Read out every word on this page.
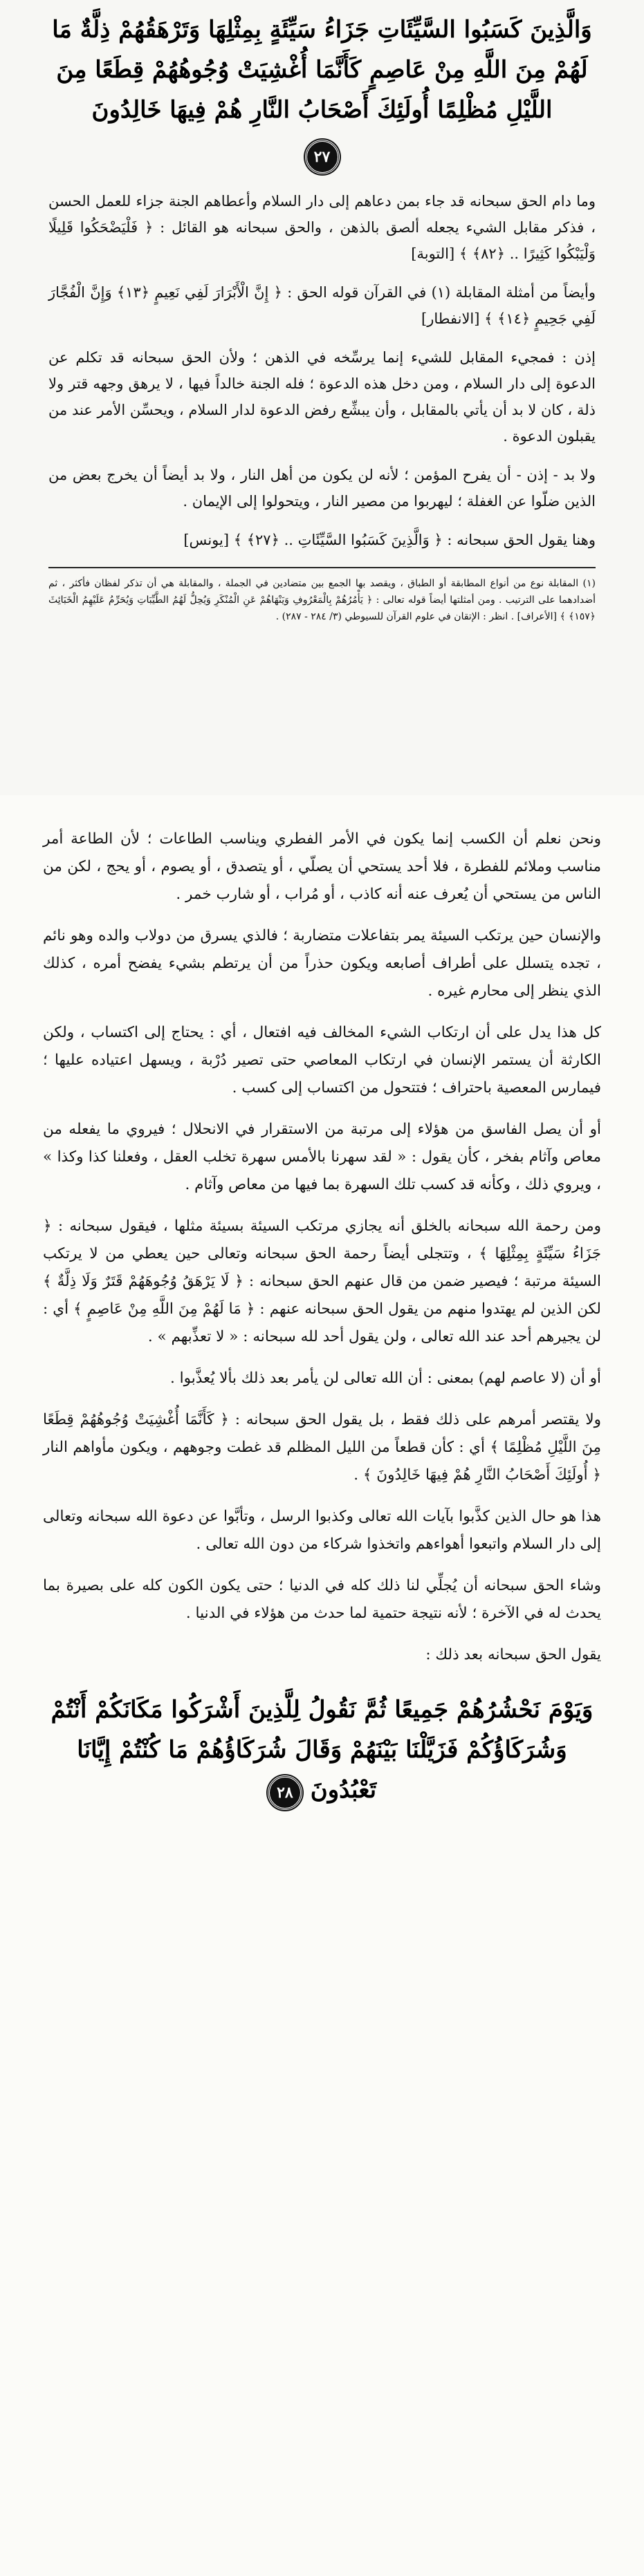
وَالَّذِينَ كَسَبُوا السَّيِّئَاتِ جَزَاءُ سَيِّئَةٍ بِمِثْلِهَا وَتَرْهَقُهُمْ ذِلَّةٌ مَا لَهُمْ مِنَ اللَّهِ مِنْ عَاصِمٍ كَأَنَّمَا أُغْشِيَتْ وُجُوهُهُمْ قِطَعًا مِنَ اللَّيْلِ مُظْلِمًا أُولَئِكَ أَصْحَابُ النَّارِ هُمْ فِيهَا خَالِدُونَ
٢٧

وما دام الحق سبحانه قد جاء بمن دعاهم إلى دار السلام وأعطاهم الجنة جزاء للعمل الحسن ، فذكر مقابل الشيء يجعله ألصق بالذهن ، والحق سبحانه هو القائل : ﴿ فَلْيَضْحَكُوا قَلِيلًا وَلْيَبْكُوا كَثِيرًا .. ﴿٨٢﴾ ﴾ [التوبة]

وأيضاً من أمثلة المقابلة (١) في القرآن قوله الحق : ﴿ إِنَّ الْأَبْرَارَ لَفِي نَعِيمٍ ﴿١٣﴾ وَإِنَّ الْفُجَّارَ لَفِي جَحِيمٍ ﴿١٤﴾ ﴾ [الانفطار]

إذن : فمجيء المقابل للشيء إنما يرسِّخه في الذهن ؛ ولأن الحق سبحانه قد تكلم عن الدعوة إلى دار السلام ، ومن دخل هذه الدعوة ؛ فله الجنة خالداً فيها ، لا يرهق وجهه قتر ولا ذلة ، كان لا بد أن يأتي بالمقابل ، وأن يبشِّع رفض الدعوة لدار السلام ، ويحسِّن الأمر عند من يقبلون الدعوة .

ولا بد - إذن - أن يفرح المؤمن ؛ لأنه لن يكون من أهل النار ، ولا بد أيضاً أن يخرج بعض من الذين ضلّوا عن الغفلة ؛ ليهربوا من مصير النار ، ويتحولوا إلى الإيمان .

وهنا يقول الحق سبحانه : ﴿ وَالَّذِينَ كَسَبُوا السَّيِّئَاتِ .. ﴿٢٧﴾ ﴾ [يونس]

(١) المقابلة نوع من أنواع المطابقة أو الطباق ، ويقصد بها الجمع بين متضادين في الجملة ، والمقابلة هي أن تذكر لفظان فأكثر ، ثم أضدادهما على الترتيب . ومن أمثلتها أيضاً قوله تعالى : ﴿ يَأْمُرُهُمْ بِالْمَعْرُوفِ وَيَنْهَاهُمْ عَنِ الْمُنْكَرِ وَيُحِلُّ لَهُمُ الطَّيِّبَاتِ وَيُحَرِّمُ عَلَيْهِمُ الْخَبَائِثَ ﴿١٥٧﴾ ﴾ [الأعراف] . انظر : الإتقان في علوم القرآن للسيوطي (٣/ ٢٨٤ - ٢٨٧) .

ونحن نعلم أن الكسب إنما يكون في الأمر الفطري ويناسب الطاعات ؛ لأن الطاعة أمر مناسب وملائم للفطرة ، فلا أحد يستحي أن يصلّي ، أو يتصدق ، أو يصوم ، أو يحج ، لكن من الناس من يستحي أن يُعرف عنه أنه كاذب ، أو مُراب ، أو شارب خمر .

والإنسان حين يرتكب السيئة يمر بتفاعلات متضاربة ؛ فالذي يسرق من دولاب والده وهو نائم ، تجده يتسلل على أطراف أصابعه ويكون حذراً من أن يرتطم بشيء يفضح أمره ، كذلك الذي ينظر إلى محارم غيره .

كل هذا يدل على أن ارتكاب الشيء المخالف فيه افتعال ، أي : يحتاج إلى اكتساب ، ولكن الكارثة أن يستمر الإنسان في ارتكاب المعاصي حتى تصير دُرْبة ، ويسهل اعتياده عليها ؛ فيمارس المعصية باحتراف ؛ فتتحول من اكتساب إلى كسب .

أو أن يصل الفاسق من هؤلاء إلى مرتبة من الاستقرار في الانحلال ؛ فيروي ما يفعله من معاص وآثام بفخر ، كأن يقول : « لقد سهرنا بالأمس سهرة تخلب العقل ، وفعلنا كذا وكذا » ، ويروي ذلك ، وكأنه قد كسب تلك السهرة بما فيها من معاص وآثام .

ومن رحمة الله سبحانه بالخلق أنه يجازي مرتكب السيئة بسيئة مثلها ، فيقول سبحانه : ﴿ جَزَاءُ سَيِّئَةٍ بِمِثْلِهَا ﴾ ، وتتجلى أيضاً رحمة الحق سبحانه وتعالى حين يعطي من لا يرتكب السيئة مرتبة ؛ فيصير ضمن من قال عنهم الحق سبحانه : ﴿ لَا يَرْهَقُ وُجُوهَهُمْ قَتَرٌ وَلَا ذِلَّةٌ ﴾ لكن الذين لم يهتدوا منهم من يقول الحق سبحانه عنهم : ﴿ مَا لَهُمْ مِنَ اللَّهِ مِنْ عَاصِمٍ ﴾ أي : لن يجيرهم أحد عند الله تعالى ، ولن يقول أحد لله سبحانه : « لا تعذِّبهم » .

أو أن (لا عاصم لهم) بمعنى : أن الله تعالى لن يأمر بعد ذلك بألا يُعذَّبوا .

ولا يقتصر أمرهم على ذلك فقط ، بل يقول الحق سبحانه : ﴿ كَأَنَّمَا أُغْشِيَتْ وُجُوهُهُمْ قِطَعًا مِنَ اللَّيْلِ مُظْلِمًا ﴾ أي : كأن قطعاً من الليل المظلم قد غطت وجوههم ، ويكون مأواهم النار ﴿ أُولَئِكَ أَصْحَابُ النَّارِ هُمْ فِيهَا خَالِدُونَ ﴾ .

هذا هو حال الذين كذَّبوا بآيات الله تعالى وكذبوا الرسل ، وتأبَّوا عن دعوة الله سبحانه وتعالى إلى دار السلام واتبعوا أهواءهم واتخذوا شركاء من دون الله تعالى .

وشاء الحق سبحانه أن يُجلِّي لنا ذلك كله في الدنيا ؛ حتى يكون الكون كله على بصيرة بما يحدث له في الآخرة ؛ لأنه نتيجة حتمية لما حدث من هؤلاء في الدنيا .

يقول الحق سبحانه بعد ذلك :

وَيَوْمَ نَحْشُرُهُمْ جَمِيعًا ثُمَّ نَقُولُ لِلَّذِينَ أَشْرَكُوا مَكَانَكُمْ أَنْتُمْ وَشُرَكَاؤُكُمْ فَزَيَّلْنَا بَيْنَهُمْ وَقَالَ شُرَكَاؤُهُمْ مَا كُنْتُمْ إِيَّانَا تَعْبُدُونَ ٢٨
